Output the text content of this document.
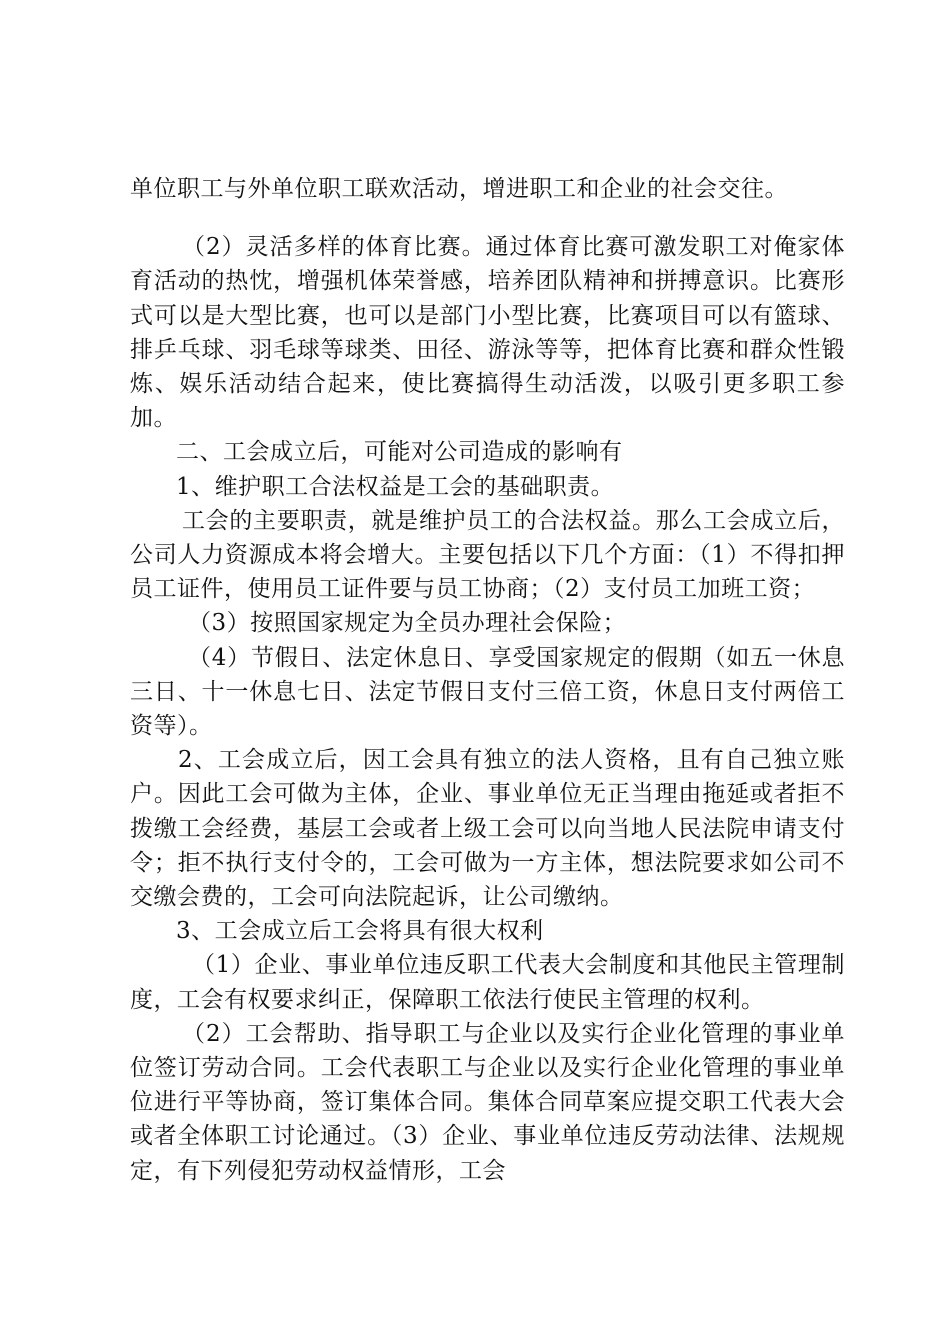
单位职工与外单位职工联欢活动，增进职工和企业的社会交往。

（2）灵活多样的体育比赛。通过体育比赛可激发职工对俺家体育活动的热忱，增强机体荣誉感，培养团队精神和拼搏意识。比赛形式可以是大型比赛，也可以是部门小型比赛，比赛项目可以有篮球、排乒乓球、羽毛球等球类、田径、游泳等等，把体育比赛和群众性锻炼、娱乐活动结合起来，使比赛搞得生动活泼，以吸引更多职工参加。

二、工会成立后，可能对公司造成的影响有

1、维护职工合法权益是工会的基础职责。

工会的主要职责，就是维护员工的合法权益。那么工会成立后，公司人力资源成本将会增大。主要包括以下几个方面：（1）不得扣押员工证件，使用员工证件要与员工协商；（2）支付员工加班工资；

（3）按照国家规定为全员办理社会保险；

（4）节假日、法定休息日、享受国家规定的假期（如五一休息三日、十一休息七日、法定节假日支付三倍工资，休息日支付两倍工资等）。

2、工会成立后，因工会具有独立的法人资格，且有自己独立账户。因此工会可做为主体，企业、事业单位无正当理由拖延或者拒不拨缴工会经费，基层工会或者上级工会可以向当地人民法院申请支付令；拒不执行支付令的，工会可做为一方主体，想法院要求如公司不交缴会费的，工会可向法院起诉，让公司缴纳。

3、工会成立后工会将具有很大权利

（1）企业、事业单位违反职工代表大会制度和其他民主管理制度，工会有权要求纠正，保障职工依法行使民主管理的权利。

（2）工会帮助、指导职工与企业以及实行企业化管理的事业单位签订劳动合同。工会代表职工与企业以及实行企业化管理的事业单位进行平等协商，签订集体合同。集体合同草案应提交职工代表大会或者全体职工讨论通过。（3）企业、事业单位违反劳动法律、法规规定，有下列侵犯劳动权益情形，工会
